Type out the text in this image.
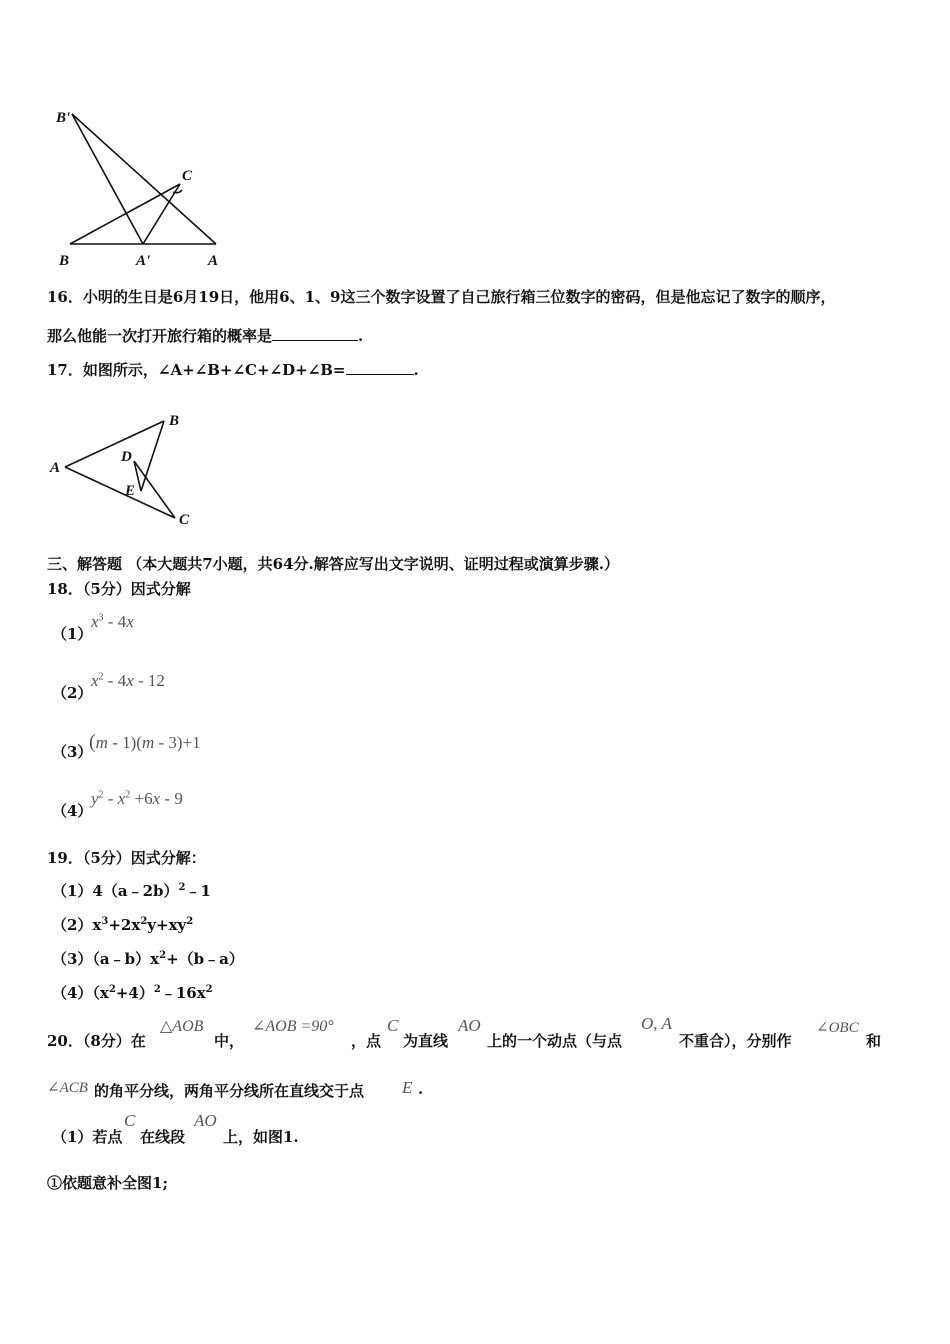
B'
C
B	A'	A
16．小明的生日是6月19日，他用6、1、9这三个数字设置了自己旅行箱三位数字的密码，但是他忘记了数字的顺序，
那么他能一次打开旅行箱的概率是	.
17．如图所示，∠A+∠B+∠C+∠D+∠B=	.
A
B
C
D
E
三、解答题 （本大题共7小题，共64分.解答应写出文字说明、证明过程或演算步骤.）
18．（5分）因式分解
（1）
$x^3 - 4x$
（2）
$x^2 - 4x - 12$
（3）
(m - 1)(m - 3)+1
（4）
$y^2 - x^2 +6x - 9$
19．（5分）因式分解：
（1）4（a﹣2b）$^2$﹣1
$(2)x^3+2x^2y+xy^2$
$(3)(a﹣b)x^2+(b﹣a)$
$(4)(x^2+4)^2﹣16x^2$
20．（8分）在
△AOB
中，
∠AOB =90°
，点
C
为直线
AO
上的一个动点（与点
O, A
不重合），分别作
∠OBC
和
∠ACB 的角平分线，两角平分线所在直线交于点 E .
（1）若点
C
在线段
AO
上，如图1.
①依题意补全图1;
